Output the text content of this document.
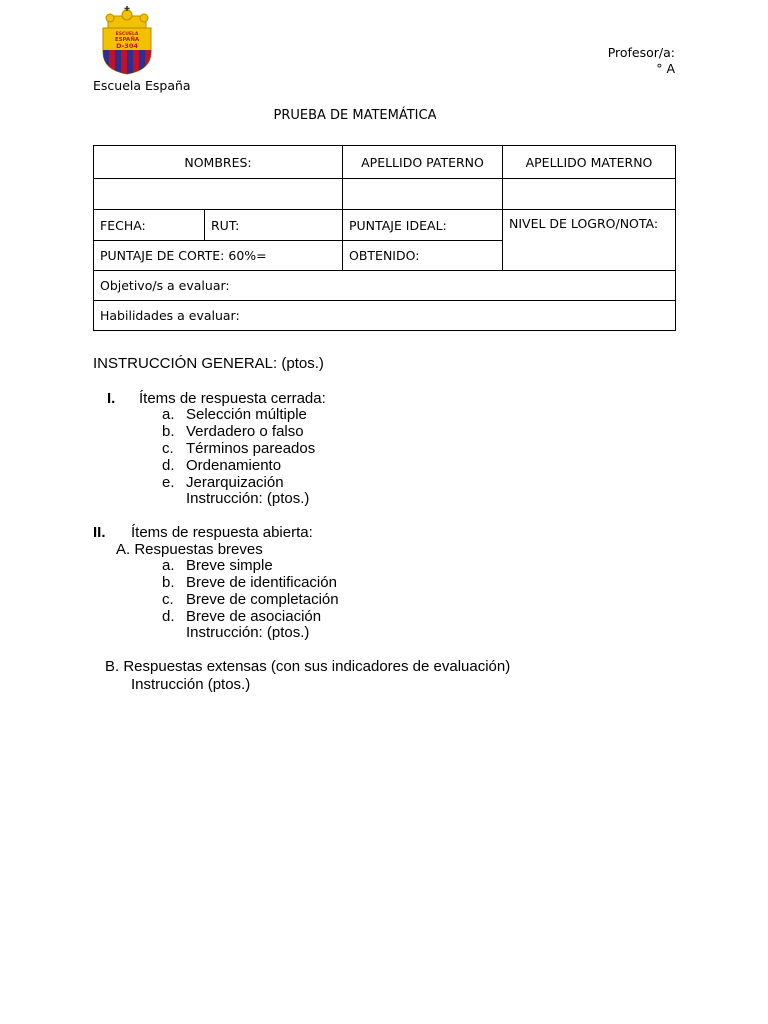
ESCUELA
ESPAÑA
D-304
Escuela España
Profesor/a:
° A
PRUEBA DE MATEMÁTICA
NOMBRES:		APELLIDO PATERNO	APELLIDO MATERNO

FECHA:	RUT:	PUNTAJE IDEAL:	NIVEL DE LOGRO/NOTA:
PUNTAJE DE CORTE: 60%=		OBTENIDO:	
Objetivo/s a evaluar:			
Habilidades a evaluar:			
INSTRUCCIÓN GENERAL: (ptos.)
I. Ítems de respuesta cerrada:
a. Selección múltiple
b. Verdadero o falso
c. Términos pareados
d. Ordenamiento
e. Jerarquización
Instrucción: (ptos.)
II. Ítems de respuesta abierta:
A. Respuestas breves
a. Breve simple
b. Breve de identificación
c. Breve de completación
d. Breve de asociación
Instrucción: (ptos.)
B. Respuestas extensas (con sus indicadores de evaluación)
Instrucción (ptos.)
